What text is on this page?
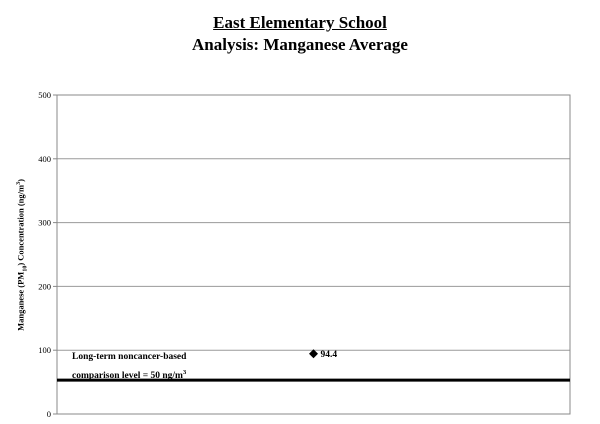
East Elementary School
Analysis: Manganese Average
Manganese $(PM_{10})$ Concentration $(ng/m^3)$
0
100
200
300
400
500
94.4
Long-term noncancer-based
comparison level = 50 $ng/m^3$
